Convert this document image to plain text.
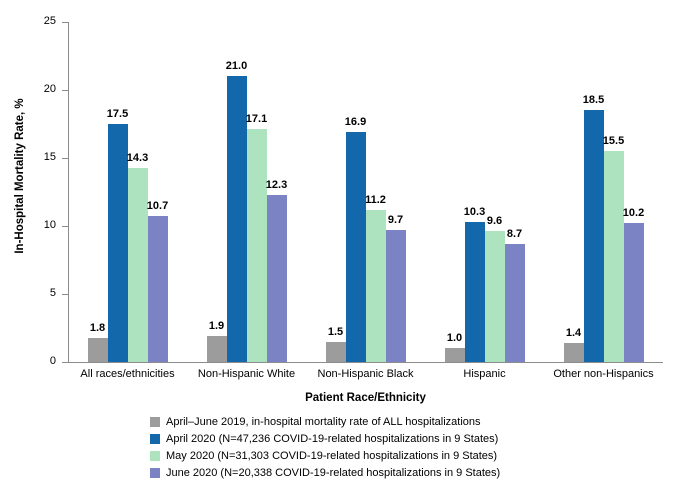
In-Hospital Mortality Rate, %
0
5
10
15
20
25
1.8
17.5
14.3
10.7
1.9
21.0
17.1
12.3
1.5
16.9
11.2
9.7
1.0
10.3
9.6
8.7
1.4
18.5
15.5
10.2
All races/ethnicities	Non-Hispanic White	Non-Hispanic Black	Hispanic	Other non-Hispanics
Patient Race/Ethnicity
April–June 2019, in-hospital mortality rate of ALL hospitalizations
April 2020 (N=47,236 COVID-19-related hospitalizations in 9 States)
May 2020 (N=31,303 COVID-19-related hospitalizations in 9 States)
June 2020 (N=20,338 COVID-19-related hospitalizations in 9 States)
